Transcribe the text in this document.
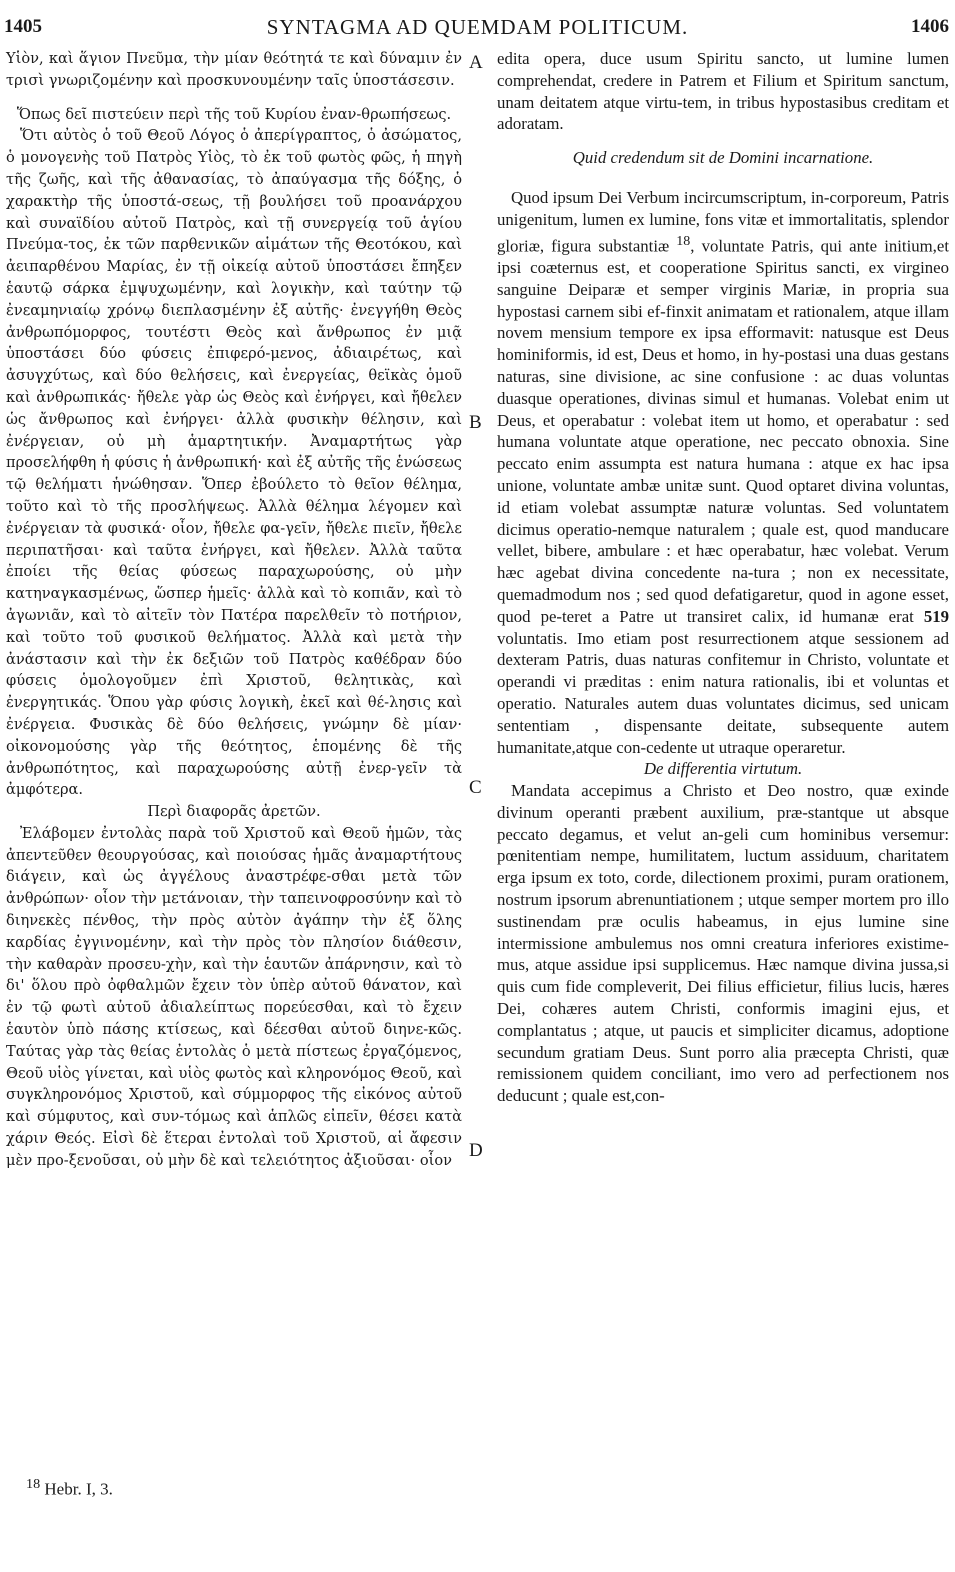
1405	SYNTAGMA AD QUEMDAM POLITICUM.	1406
A
B
C
D

Υἱὸν, καὶ ἅγιον Πνεῦμα, τὴν μίαν θεότητά τε καὶ δύναμιν ἐν τρισὶ γνωριζομένην καὶ προσκυνουμένην ταῖς ὑποστάσεσιν.

Ὅπως δεῖ πιστεύειν περὶ τῆς τοῦ Κυρίου ἐναν-θρωπήσεως.

Ὅτι αὐτὸς ὁ τοῦ Θεοῦ Λόγος ὁ ἀπερίγραπτος, ὁ ἀσώματος, ὁ μονογενὴς τοῦ Πατρὸς Υἱὸς, τὸ ἐκ τοῦ φωτὸς φῶς, ἡ πηγὴ τῆς ζωῆς, καὶ τῆς ἀθανασίας, τὸ ἀπαύγασμα τῆς δόξης, ὁ χαρακτὴρ τῆς ὑποστά-σεως, τῇ βουλήσει τοῦ προανάρχου καὶ συναϊδίου αὐτοῦ Πατρὸς, καὶ τῇ συνεργείᾳ τοῦ ἁγίου Πνεύμα-τος, ἐκ τῶν παρθενικῶν αἱμάτων τῆς Θεοτόκου, καὶ ἀειπαρθένου Μαρίας, ἐν τῇ οἰκείᾳ αὐτοῦ ὑποστάσει ἔπηξεν ἑαυτῷ σάρκα ἐμψυχωμένην, καὶ λογικὴν, καὶ ταύτην τῷ ἐνεαμηνιαίῳ χρόνῳ διεπλασμένην ἐξ αὐτῆς· ἐνεγγήθη Θεὸς ἀνθρωπόμορφος, τουτέστι Θεὸς καὶ ἄνθρωπος ἐν μιᾷ ὑποστάσει δύο φύσεις ἐπιφερό-μενος, ἀδιαιρέτως, καὶ ἀσυγχύτως, καὶ δύο θελήσεις, καὶ ἐνεργείας, θεϊκὰς ὁμοῦ καὶ ἀνθρωπικάς· ἤθελε γὰρ ὡς Θεὸς καὶ ἐνήργει, καὶ ἤθελεν ὡς ἄνθρωπος καὶ ἐνήργει· ἀλλὰ φυσικὴν θέλησιν, καὶ ἐνέργειαν, οὐ μὴ ἁμαρτητικήν. Ἀναμαρτήτως γὰρ προσελήφθη ἡ φύσις ἡ ἀνθρωπική· καὶ ἐξ αὐτῆς τῆς ἑνώσεως τῷ θελήματι ἡνώθησαν. Ὅπερ ἐβούλετο τὸ θεῖον θέλημα, τοῦτο καὶ τὸ τῆς προσλήψεως. Ἀλλὰ θέλημα λέγομεν καὶ ἐνέργειαν τὰ φυσικά· οἷον, ἤθελε φα-γεῖν, ἤθελε πιεῖν, ἤθελε περιπατῆσαι· καὶ ταῦτα ἐνήργει, καὶ ἤθελεν. Ἀλλὰ ταῦτα ἐποίει τῆς θείας φύσεως παραχωρούσης, οὐ μὴν κατηναγκασμένως, ὥσπερ ἡμεῖς· ἀλλὰ καὶ τὸ κοπιᾶν, καὶ τὸ ἀγωνιᾶν, καὶ τὸ αἰτεῖν τὸν Πατέρα παρελθεῖν τὸ ποτήριον, καὶ τοῦτο τοῦ φυσικοῦ θελήματος. Ἀλλὰ καὶ μετὰ τὴν ἀνάστασιν καὶ τὴν ἐκ δεξιῶν τοῦ Πατρὸς καθέδραν δύο φύσεις ὁμολογοῦμεν ἐπὶ Χριστοῦ, θελητικὰς, καὶ ἐνεργητικάς. Ὅπου γὰρ φύσις λογικὴ, ἐκεῖ καὶ θέ-λησις καὶ ἐνέργεια. Φυσικὰς δὲ δύο θελήσεις, γνώμην δὲ μίαν· οἰκονομούσης γὰρ τῆς θεότητος, ἑπομένης δὲ τῆς ἀνθρωπότητος, καὶ παραχωρούσης αὐτῇ ἐνερ-γεῖν τὰ ἀμφότερα.

Περὶ διαφορᾶς ἀρετῶν.

Ἐλάβομεν ἐντολὰς παρὰ τοῦ Χριστοῦ καὶ Θεοῦ ἡμῶν, τὰς ἀπεντεῦθεν θεουργούσας, καὶ ποιούσας ἡμᾶς ἀναμαρτήτους διάγειν, καὶ ὡς ἀγγέλους ἀναστρέφε-σθαι μετὰ τῶν ἀνθρώπων· οἷον τὴν μετάνοιαν, τὴν ταπεινοφροσύνην καὶ τὸ διηνεκὲς πένθος, τὴν πρὸς αὐτὸν ἀγάπην τὴν ἐξ ὅλης καρδίας ἐγγινομένην, καὶ τὴν πρὸς τὸν πλησίον διάθεσιν, τὴν καθαρὰν προσευ-χὴν, καὶ τὴν ἑαυτῶν ἀπάρνησιν, καὶ τὸ δι' ὅλου πρὸ ὀφθαλμῶν ἔχειν τὸν ὑπὲρ αὐτοῦ θάνατον, καὶ ἐν τῷ φωτὶ αὐτοῦ ἀδιαλείπτως πορεύεσθαι, καὶ τὸ ἔχειν ἑαυτὸν ὑπὸ πάσης κτίσεως, καὶ δέεσθαι αὐτοῦ διηνε-κῶς. Ταύτας γὰρ τὰς θείας ἐντολὰς ὁ μετὰ πίστεως ἐργαζόμενος, Θεοῦ υἱὸς γίνεται, καὶ υἱὸς φωτὸς καὶ κληρονόμος Θεοῦ, καὶ συγκληρονόμος Χριστοῦ, καὶ σύμμορφος τῆς εἰκόνος αὐτοῦ καὶ σύμφυτος, καὶ συν-τόμως καὶ ἁπλῶς εἰπεῖν, θέσει κατὰ χάριν Θεός. Εἰσὶ δὲ ἕτεραι ἐντολαὶ τοῦ Χριστοῦ, αἱ ἄφεσιν μὲν προ-ξενοῦσαι, οὐ μὴν δὲ καὶ τελειότητος ἀξιοῦσαι· οἷον

edita opera, duce usum Spiritu sancto, ut lumine lumen comprehendat, credere in Patrem et Filium et Spiritum sanctum, unam deitatem atque virtu-tem, in tribus hypostasibus creditam et adoratam.

Quid credendum sit de Domini incarnatione.

Quod ipsum Dei Verbum incircumscriptum, in-corporeum, Patris unigenitum, lumen ex lumine, fons vitæ et immortalitatis, splendor gloriæ, figura substantiæ $^{18}$, voluntate Patris, qui ante initium,et ipsi coæternus est, et cooperatione Spiritus sancti, ex virgineo sanguine Deiparæ et semper virginis Mariæ, in propria sua hypostasi carnem sibi ef-finxit animatam et rationalem, atque illam novem mensium tempore ex ipsa efformavit: natusque est Deus hominiformis, id est, Deus et homo, in hy-postasi una duas gestans naturas, sine divisione, ac sine confusione : ac duas voluntas duasque operationes, divinas simul et humanas. Volebat enim ut Deus, et operabatur : volebat item ut homo, et operabatur : sed humana voluntate atque operatione, nec peccato obnoxia. Sine peccato enim assumpta est natura humana : atque ex hac ipsa unione, voluntate ambæ unitæ sunt. Quod optaret divina voluntas, id etiam volebat assumptæ naturæ voluntas. Sed voluntatem dicimus operatio-nemque naturalem ; quale est, quod manducare vellet, bibere, ambulare : et hæc operabatur, hæc volebat. Verum hæc agebat divina concedente na-tura ; non ex necessitate, quemadmodum nos ; sed quod defatigaretur, quod in agone esset, quod pe-teret a Patre ut transiret calix, id humanæ erat 519 voluntatis. Imo etiam post resurrectionem atque sessionem ad dexteram Patris, duas naturas confitemur in Christo, voluntate et operandi vi præditas : enim natura rationalis, ibi et voluntas et operatio. Naturales autem duas voluntates dicimus, sed unicam sententiam , dispensante deitate, subsequente autem humanitate,atque con-cedente ut utraque operaretur.

De differentia virtutum.

Mandata accepimus a Christo et Deo nostro, quæ exinde divinum operanti præbent auxilium, præ-stantque ut absque peccato degamus, et velut an-geli cum hominibus versemur: pœnitentiam nempe, humilitatem, luctum assiduum, charitatem erga ipsum ex toto, corde, dilectionem proximi, puram orationem, nostrum ipsorum abrenuntiationem ; utque semper mortem pro illo sustinendam præ oculis habeamus, in ejus lumine sine intermissione ambulemus nos omni creatura inferiores existime-mus, atque assidue ipsi supplicemus. Hæc namque divina jussa,si quis cum fide compleverit, Dei filius efficietur, filius lucis, hæres Dei, cohæres autem Christi, conformis imagini ejus, et complantatus ; atque, ut paucis et simpliciter dicamus, adoptione secundum gratiam Deus. Sunt porro alia præcepta Christi, quæ remissionem quidem conciliant, imo vero ad perfectionem nos deducunt ; quale est,con-

$^{18}$ Hebr. I, 3.
